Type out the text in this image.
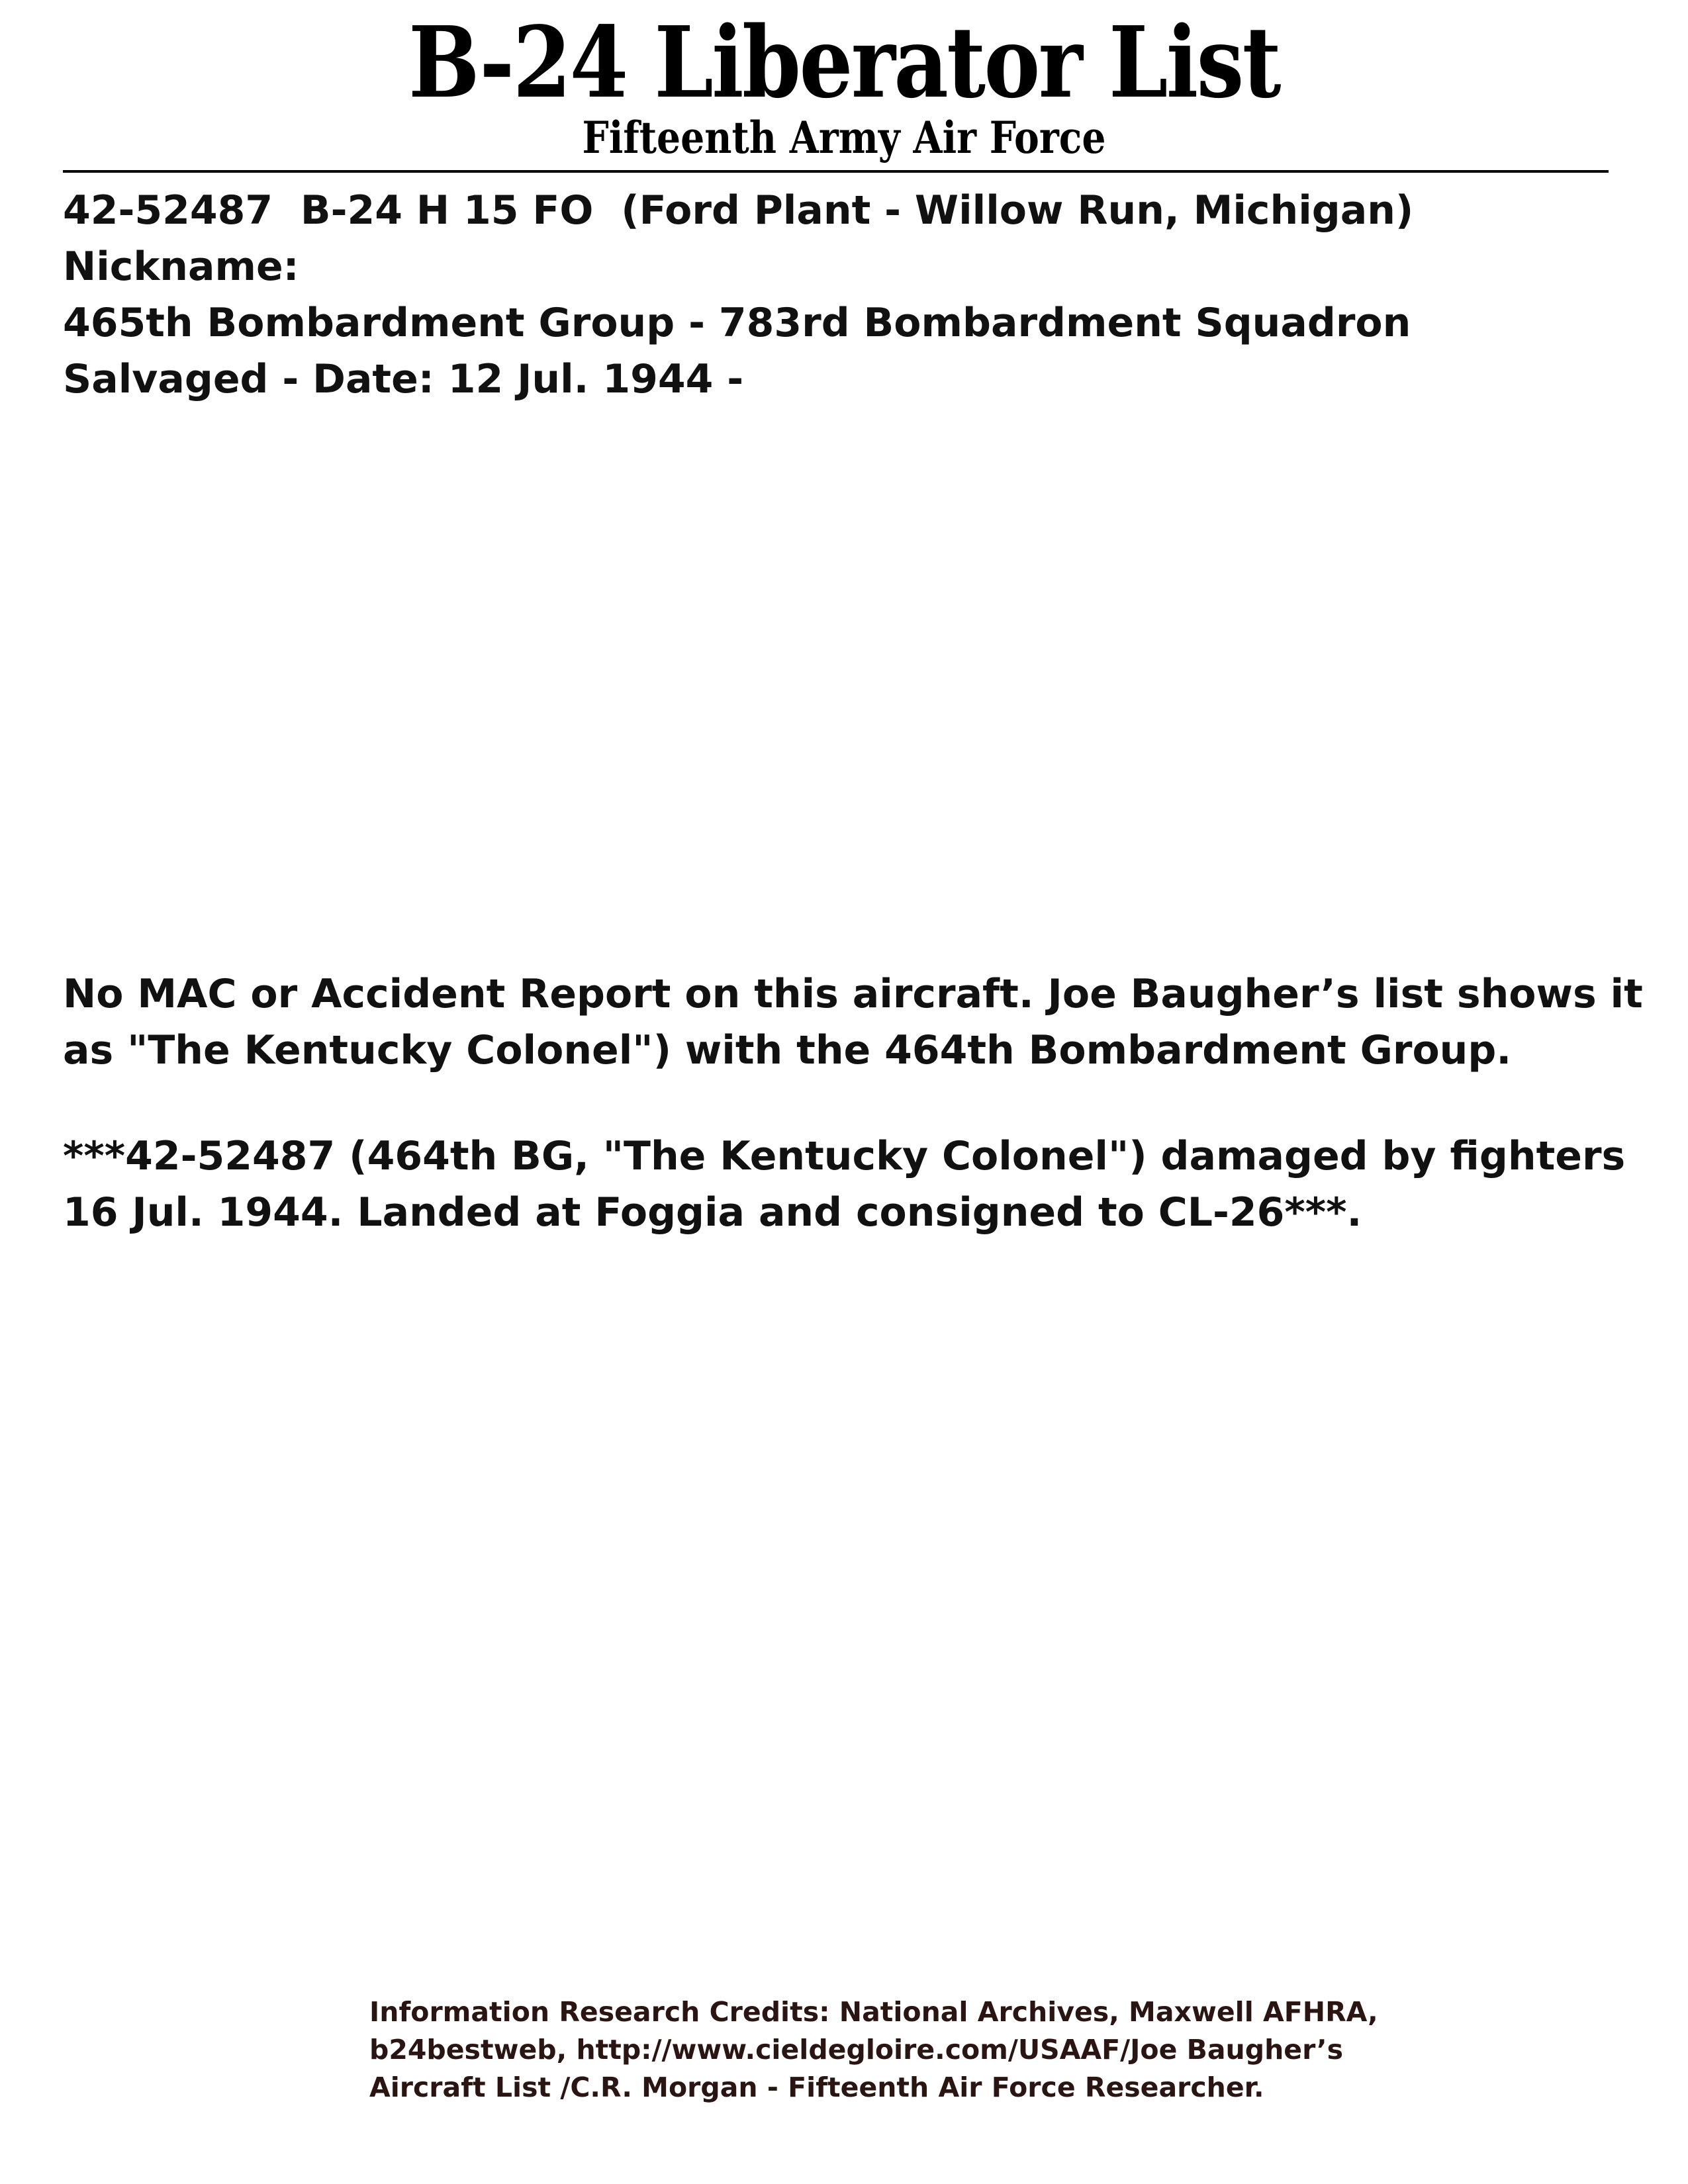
B-24 Liberator List
Fifteenth Army Air Force

42-52487  B-24 H 15 FO  (Ford Plant - Willow Run, Michigan)

Nickname:

465th Bombardment Group - 783rd Bombardment Squadron

Salvaged - Date: 12 Jul. 1944 -

No MAC or Accident Report on this aircraft. Joe Baugher’s list shows it as "The Kentucky Colonel") with the 464th Bombardment Group.

***42-52487 (464th BG, "The Kentucky Colonel") damaged by fighters 16 Jul. 1944. Landed at Foggia and consigned to CL-26***.

Information Research Credits: National Archives, Maxwell AFHRA,

b24bestweb, http://www.cieldegloire.com/USAAF/Joe Baugher’s

Aircraft List /C.R. Morgan - Fifteenth Air Force Researcher.
